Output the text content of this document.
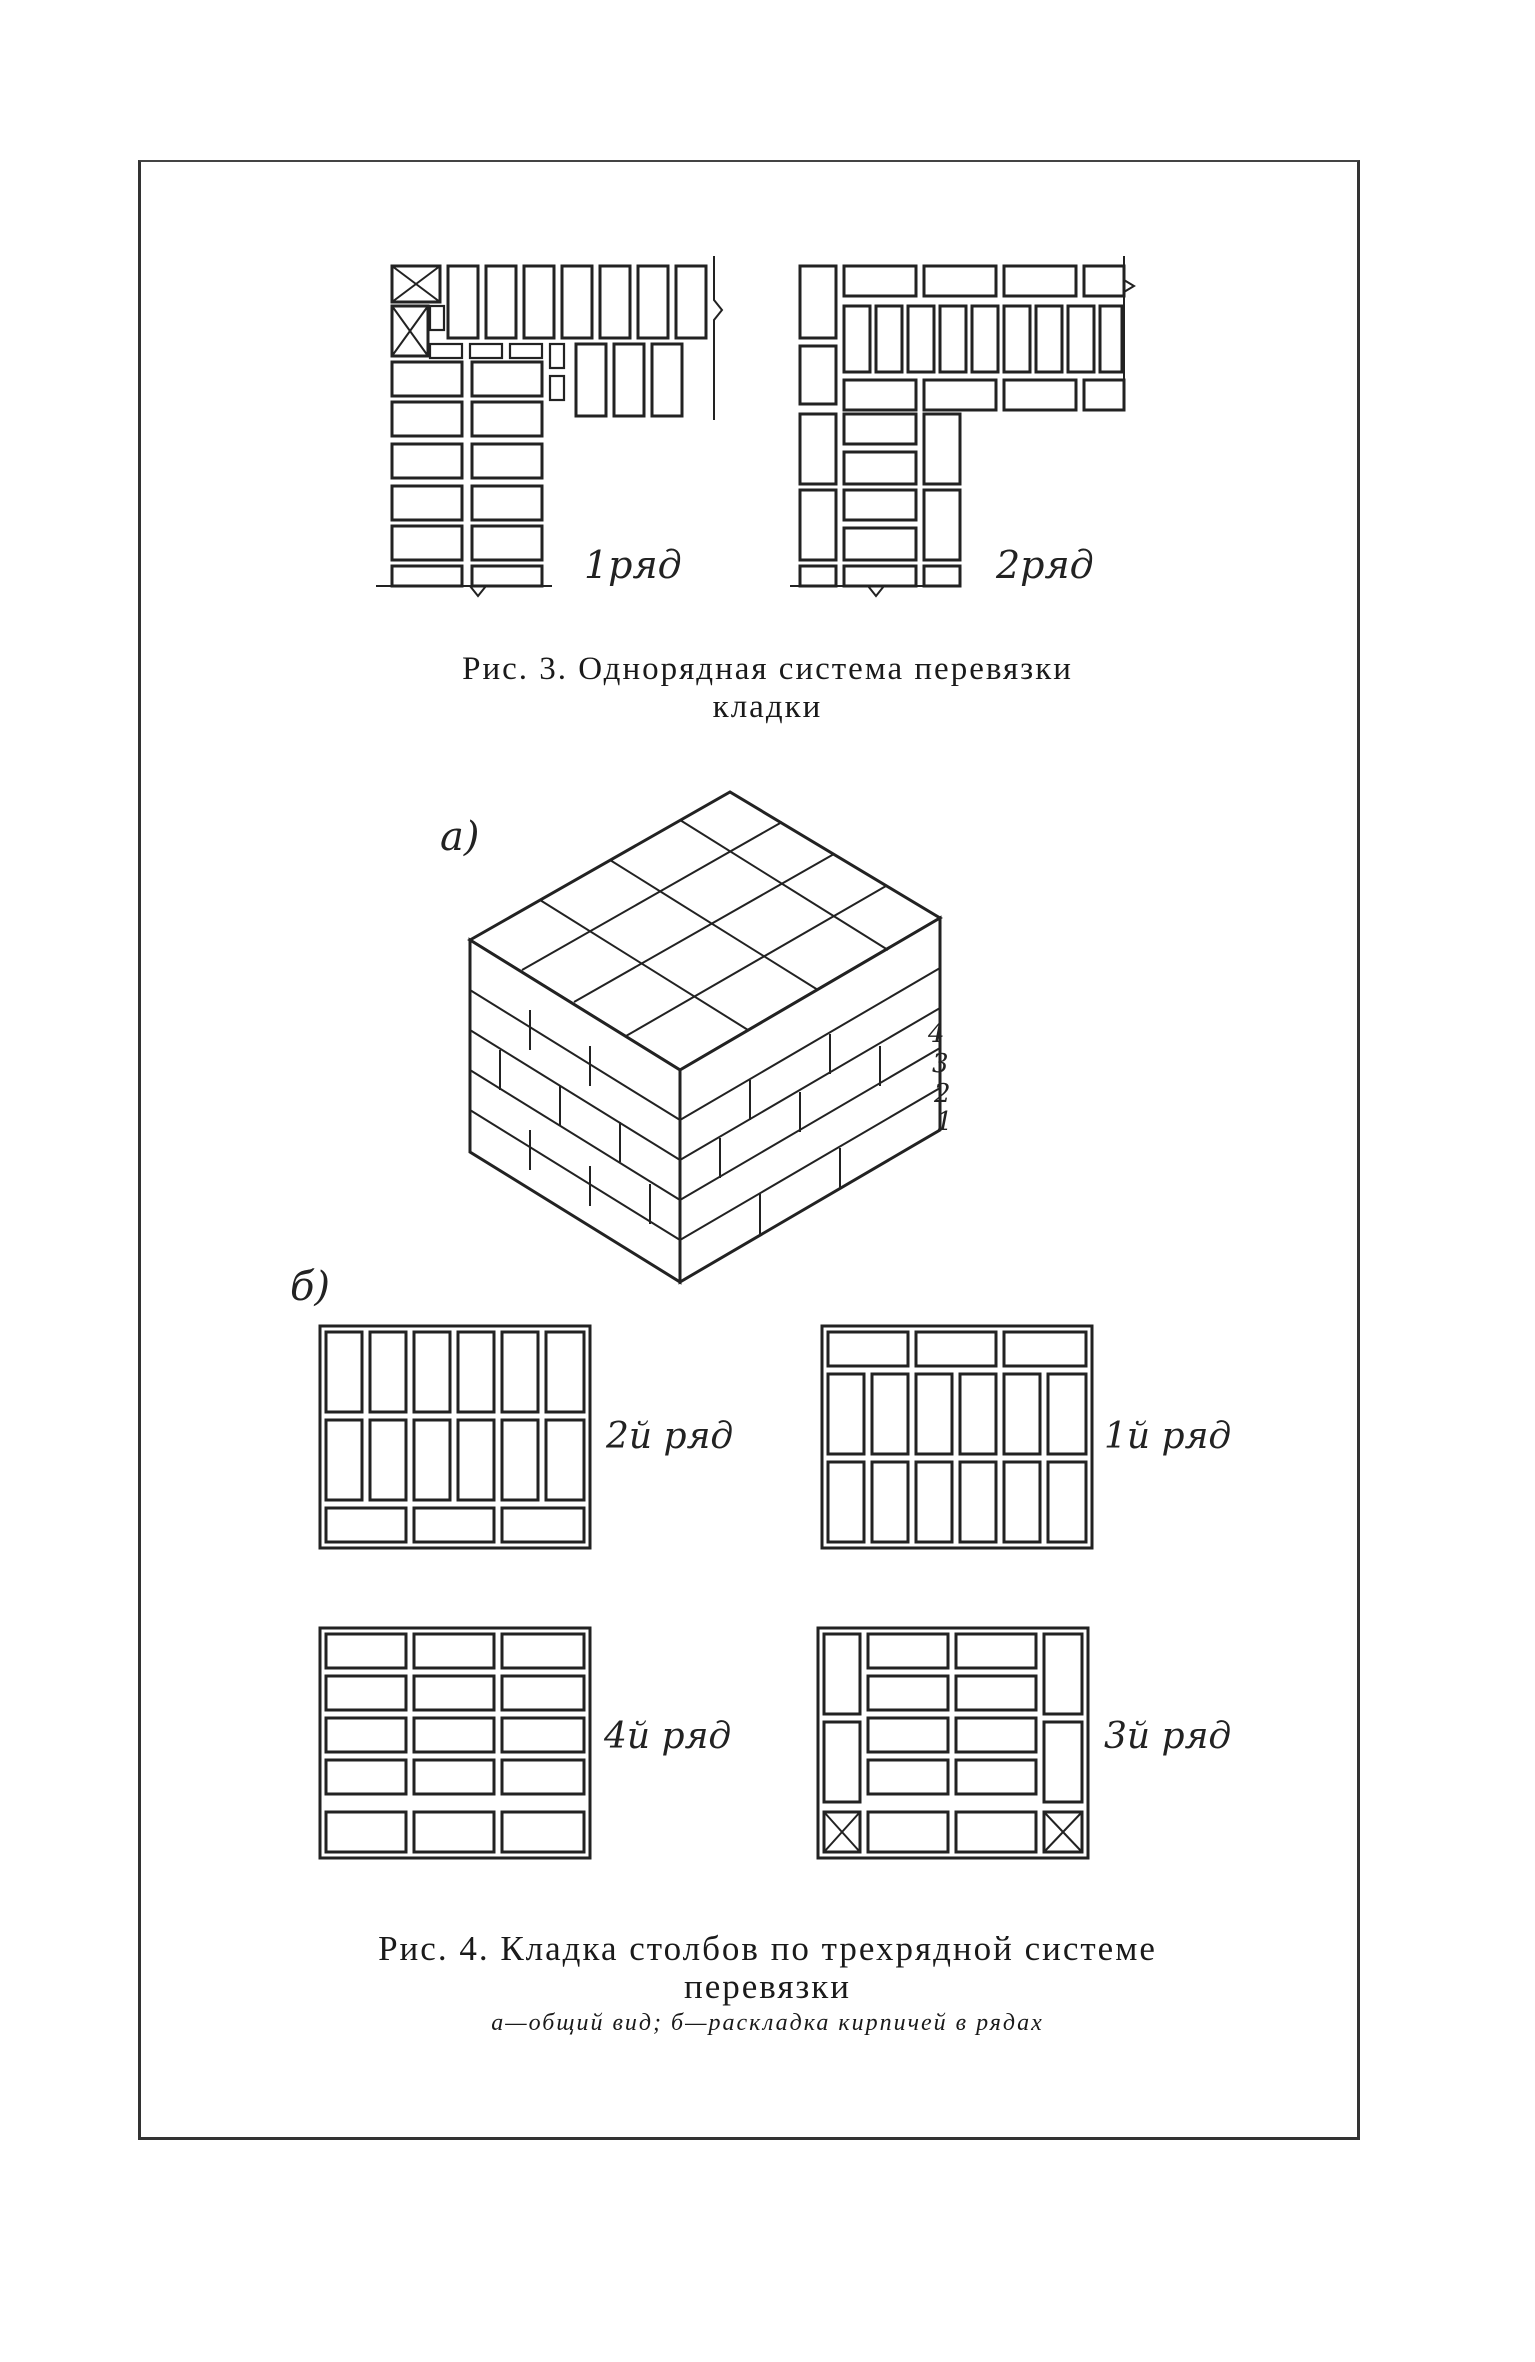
1ряд	2ряд
а)
4
3
2
1
б)
2й ряд	1й ряд
4й ряд	3й ряд
Рис. 3. Однорядная система перевязки
кладки
Рис. 4. Кладка столбов по трехрядной системе
перевязки
а—общий вид; б—раскладка кирпичей в рядах
